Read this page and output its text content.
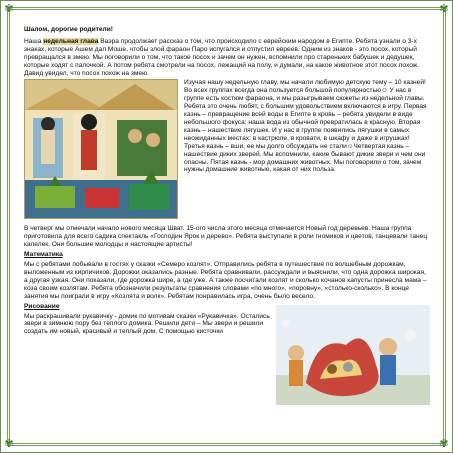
✾	✾
✾	✾

Шалом, дорогие родители!

Наша недельная глава Ваэра продолжает рассказ о том, что происходило с еврейским народом в Египте. Ребята узнали о 3-х знаках, которые Ашем дал Моше, чтобы злой фараон Паро испугался и отпустил евреев. Одним из знаков - это посох, который превращался в змею. Мы поговорили о том, что такое посох и зачем он нужен, вспомнили про стареньких бабушек и дедушек, которые ходят с палочкой. А потом ребята смотрели на посох, лежащий на полу, и думали, на какое животное этот посох похож. Давид увидел, что посох похож на змею.

Изучая нашу недельную главу, мы начали любимую детскую тему – 10 казней! Во всех группах всегда она пользуется большой популярностью☺ У нас в группе есть костюм фараона, и мы разыгрываем сюжеты из недельной главы. Ребята это очень любят, с большим удовольствием включаются в игру. Первая казнь – превращение всей воды в Египте в кровь – ребята увидели в виде небольшого фокуса: наша вода из обычной превратилась в красную. Вторая казнь – нашествие лягушек. И у нас в группе появились лягушки в самых неожиданных местах: в кастрюле, в кровати, в шкафу и даже в игрушках! Третья казнь – вши, ее мы долго обсуждать не стали☺Четвертая казнь – нашествие диких зверей. Мы вспомнили, какие бывают дикие звери и чем они опасны. Пятая казнь - мор домашних животных. Мы поговорили о том, зачем нужны домашние животные, какая от них польза.

В четверг мы отмечали начало нового месяца Шват. 15-ого числа этого месяца отмечается Новый год деревьев. Наша группа приготовила для всего садика спектакль «Господин Ярок и дерево». Ребята выступали в роли гномиков и цветов, танцевали танец капелек. Они большие молодцы и настоящие артисты!

Математика

Мы с ребятами побывали в гостях у сказки «Семеро козлят». Отправились ребята в путешествие по волшебным дорожкам, выложенным из кирпичиков. Дорожки оказались разные. Ребята сравнивали, рассуждали и выяснили, что одна дорожка широкая, а другая узкая. Они показали, где дорожка шире, а где уже. А также посчитали козлят и сколько кочанов капусты принесла мама – коза своим козлятам. Ребята обозначили результаты сравнения словами «по много», «поровну», «столько-сколько». В конце занятия мы поиграли в игру «Козлята и волк». Ребятам понравилась игра, очень было весело.

Рисование

Мы раскрашивали рукавичку - домик по мотивам сказки «Рукавичка». Остались звери в зимнюю пору без теплого домика. Решили дети – Мы звери и решили создать им новый, красивый и теплый дом. С помощью кисточки
